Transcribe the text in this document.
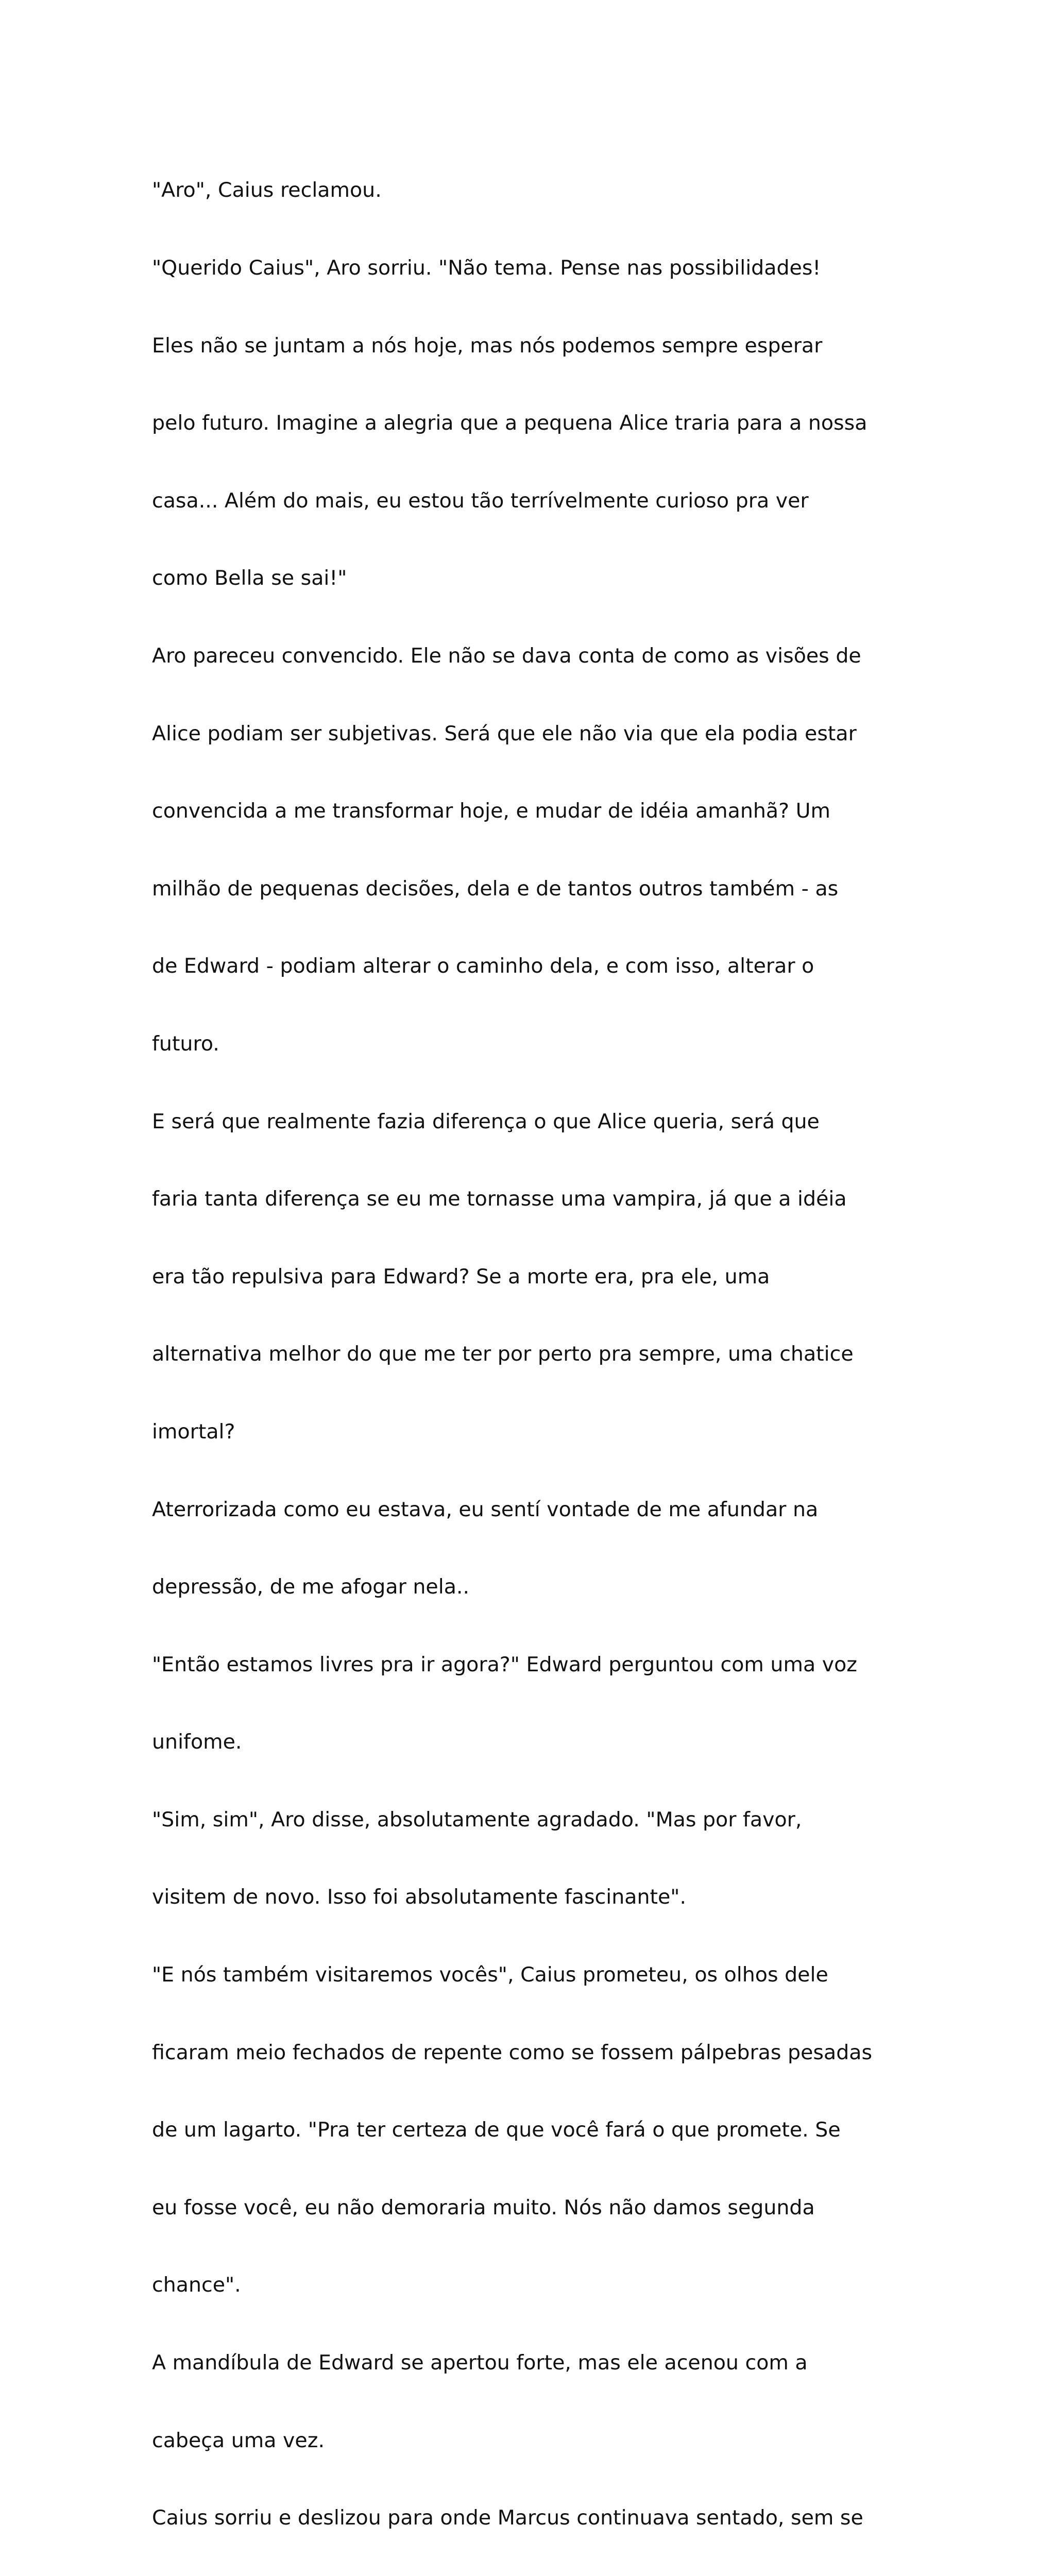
"Aro", Caius reclamou.

"Querido Caius", Aro sorriu. "Não tema. Pense nas possibilidades!

Eles não se juntam a nós hoje, mas nós podemos sempre esperar

pelo futuro. Imagine a alegria que a pequena Alice traria para a nossa

casa... Além do mais, eu estou tão terrívelmente curioso pra ver

como Bella se sai!"

Aro pareceu convencido. Ele não se dava conta de como as visões de

Alice podiam ser subjetivas. Será que ele não via que ela podia estar

convencida a me transformar hoje, e mudar de idéia amanhã? Um

milhão de pequenas decisões, dela e de tantos outros também - as

de Edward - podiam alterar o caminho dela, e com isso, alterar o

futuro.

E será que realmente fazia diferença o que Alice queria, será que

faria tanta diferença se eu me tornasse uma vampira, já que a idéia

era tão repulsiva para Edward? Se a morte era, pra ele, uma

alternativa melhor do que me ter por perto pra sempre, uma chatice

imortal?

Aterrorizada como eu estava, eu sentí vontade de me afundar na

depressão, de me afogar nela..

"Então estamos livres pra ir agora?" Edward perguntou com uma voz

unifome.

"Sim, sim", Aro disse, absolutamente agradado. "Mas por favor,

visitem de novo. Isso foi absolutamente fascinante".

"E nós também visitaremos vocês", Caius prometeu, os olhos dele

ficaram meio fechados de repente como se fossem pálpebras pesadas

de um lagarto. "Pra ter certeza de que você fará o que promete. Se

eu fosse você, eu não demoraria muito. Nós não damos segunda

chance".

A mandíbula de Edward se apertou forte, mas ele acenou com a

cabeça uma vez.

Caius sorriu e deslizou para onde Marcus continuava sentado, sem se
